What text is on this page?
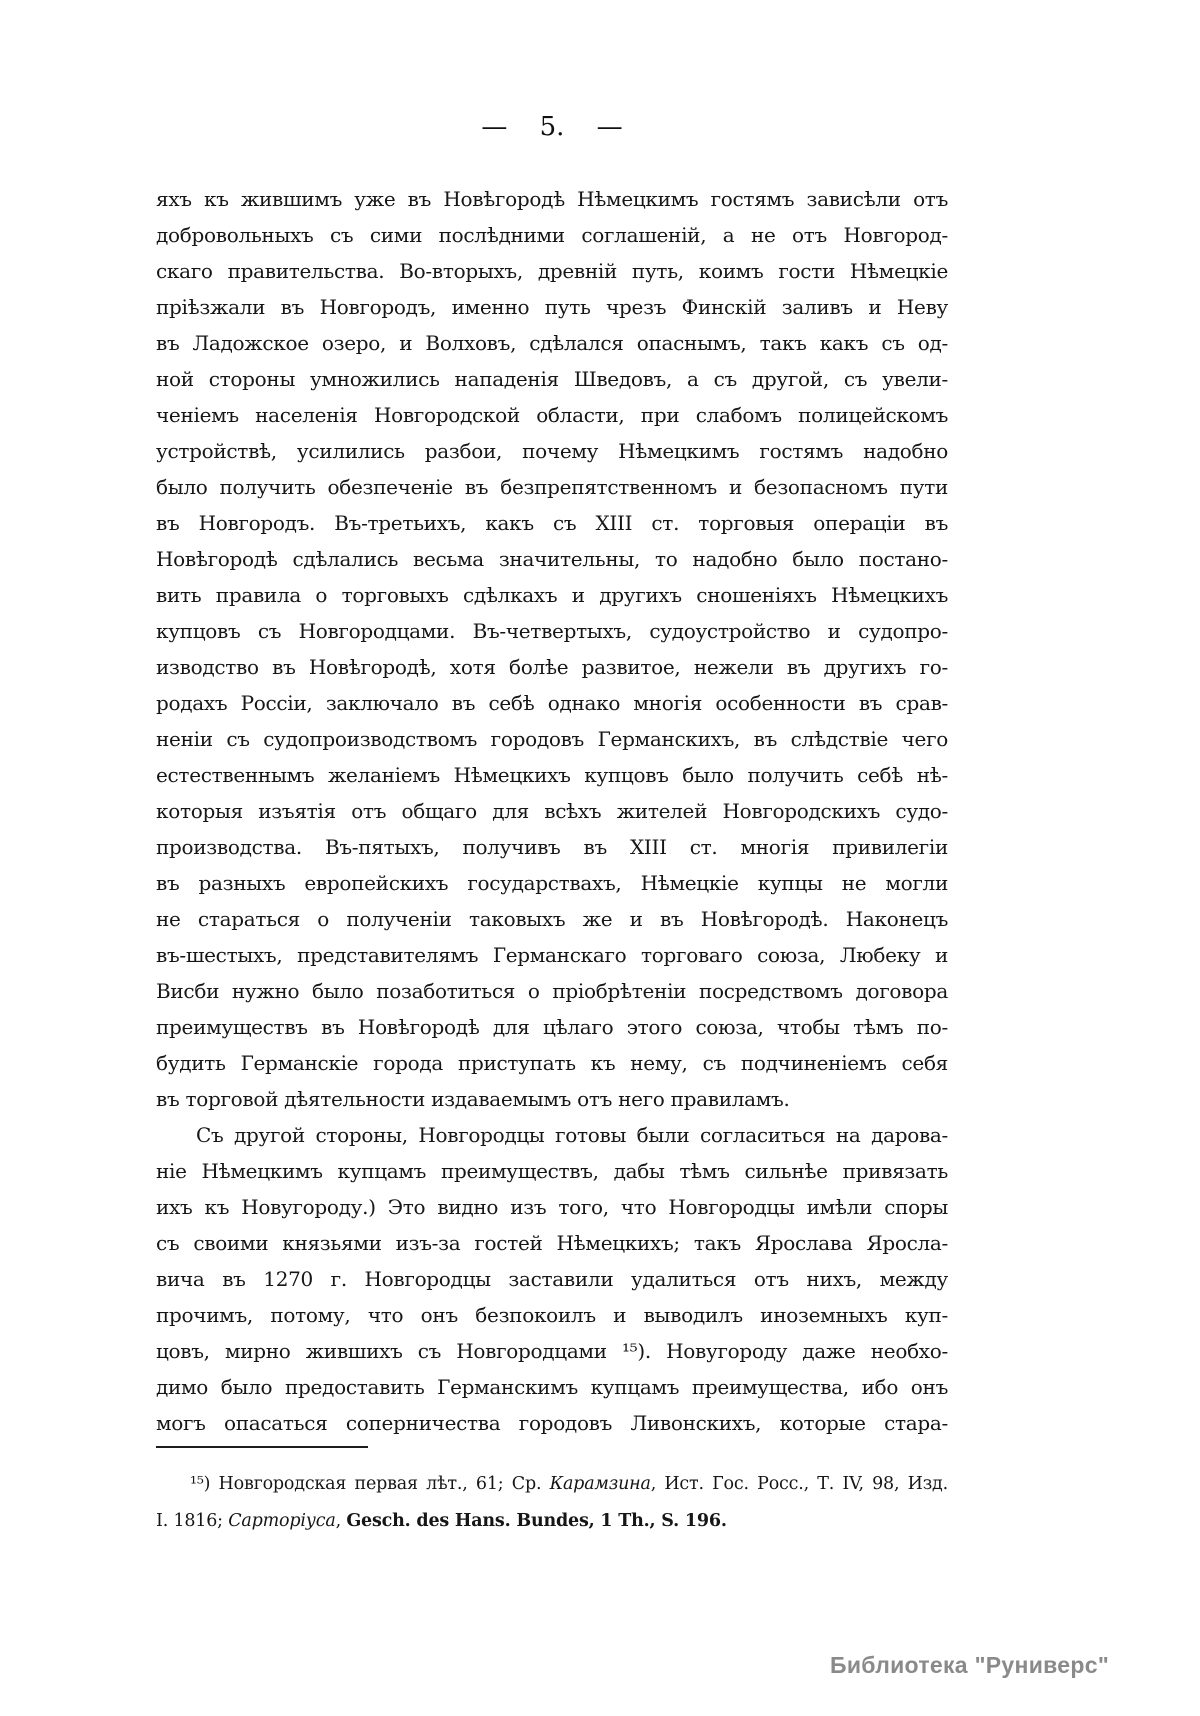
— 5. —
яхъ къ жившимъ уже въ Новѣгородѣ Нѣмецкимъ гостямъ зависѣли отъ
добровольныхъ съ сими послѣдними соглашеній, а не отъ Новгород-
скаго правительства. Во-вторыхъ, древній путь, коимъ гости Нѣмецкіе
пріѣзжали въ Новгородъ, именно путь чрезъ Финскій заливъ и Неву
въ Ладожское озеро, и Волховъ, сдѣлался опаснымъ, такъ какъ съ од-
ной стороны умножились нападенія Шведовъ, а съ другой, съ увели-
ченіемъ населенія Новгородской области, при слабомъ полицейскомъ
устройствѣ, усилились разбои, почему Нѣмецкимъ гостямъ надобно
было получить обезпеченіе въ безпрепятственномъ и безопасномъ пути
въ Новгородъ. Въ-третьихъ, какъ съ XIII ст. торговыя операціи въ
Новѣгородѣ сдѣлались весьма значительны, то надобно было постано-
вить правила о торговыхъ сдѣлкахъ и другихъ сношеніяхъ Нѣмецкихъ
купцовъ съ Новгородцами. Въ-четвертыхъ, судоустройство и судопро-
изводство въ Новѣгородѣ, хотя болѣе развитое, нежели въ другихъ го-
родахъ Россіи, заключало въ себѣ однако многія особенности въ срав-
неніи съ судопроизводствомъ городовъ Германскихъ, въ слѣдствіе чего
естественнымъ желаніемъ Нѣмецкихъ купцовъ было получить себѣ нѣ-
которыя изъятія отъ общаго для всѣхъ жителей Новгородскихъ судо-
производства. Въ-пятыхъ, получивъ въ XIII ст. многія привилегіи
въ разныхъ европейскихъ государствахъ, Нѣмецкіе купцы не могли
не стараться о полученіи таковыхъ же и въ Новѣгородѣ. Наконецъ
въ-шестыхъ, представителямъ Германскаго торговаго союза, Любеку и
Висби нужно было позаботиться о пріобрѣтеніи посредствомъ договора
преимуществъ въ Новѣгородѣ для цѣлаго этого союза, чтобы тѣмъ по-
будить Германскіе города приступать къ нему, съ подчиненіемъ себя
въ торговой дѣятельности издаваемымъ отъ него правиламъ.
Съ другой стороны, Новгородцы готовы были согласиться на дарова-
ніе Нѣмецкимъ купцамъ преимуществъ, дабы тѣмъ сильнѣе привязать
ихъ къ Новугороду.) Это видно изъ того, что Новгородцы имѣли споры
съ своими князьями изъ-за гостей Нѣмецкихъ; такъ Ярослава Яросла-
вича въ 1270 г. Новгородцы заставили удалиться отъ нихъ, между
прочимъ, потому, что онъ безпокоилъ и выводилъ иноземныхъ куп-
цовъ, мирно жившихъ съ Новгородцами ¹⁵). Новугороду даже необхо-
димо было предоставить Германскимъ купцамъ преимущества, ибо онъ
могъ опасаться соперничества городовъ Ливонскихъ, которые стара-
¹⁵) Новгородская первая лѣт., 61; Ср. Карамзина, Ист. Гос. Росс., Т. IV, 98, Изд.
I. 1816; Сарторіуса, Gesch. des Hans. Bundes, 1 Th., S. 196.
Библиотека "Руниверс"
